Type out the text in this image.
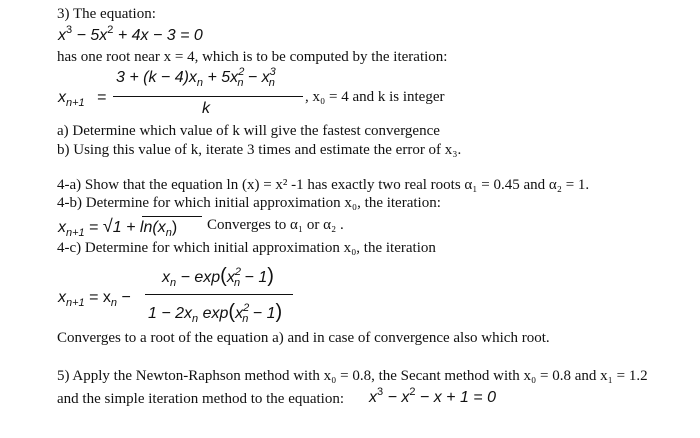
3) The equation:
$x^3 - 5x^2 + 4x - 3 = 0$
has one root near x = 4, which is to be computed by the iteration:
$x_{n+1}$ =
$3 + (k - 4)x_n + 5x^2_n - x^3_n$
k
, x₀ = 4 and k is integer
a) Determine which value of k will give the fastest convergence
b) Using this value of k, iterate 3 times and estimate the error of x₃.
4-a) Show that the equation ln (x) = x² -1 has exactly two real roots α₁ = 0.45 and α₂ = 1.
4-b) Determine for which initial approximation x₀, the iteration:
$x_{n+1} = √1 + \ln(x_n)$ Converges to α₁ or α₂ .
4-c) Determine for which initial approximation x₀, the iteration
$x_{n+1} = x_n$ −
$x_n - \exp(x^2_n - 1)$
$1 - 2x_n$ $\exp(x^2_n - 1)$
Converges to a root of the equation a) and in case of convergence also which root.
5) Apply the Newton-Raphson method with x₀ = 0.8, the Secant method with x₀ = 0.8 and x₁ = 1.2
and the simple iteration method to the equation: $x^3 - x^2 - x + 1 = 0$
